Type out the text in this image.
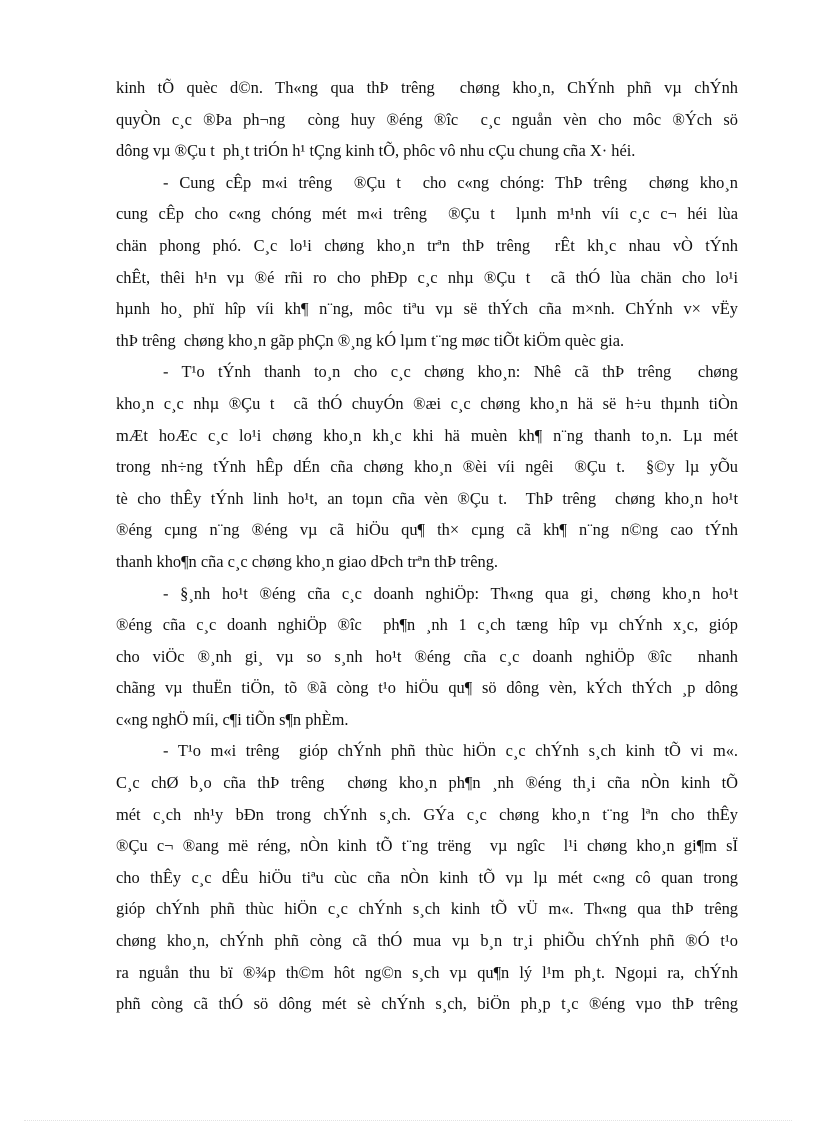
kinh tÕ quèc d©n. Th«ng qua thÞ trêng  chøng kho¸n, ChÝnh phñ vµ chÝnh
quyÒn c¸c ®Þa ph¬ng  còng huy ®éng ®îc  c¸c nguån vèn cho môc ®Ých sö
dông vµ ®Çu t  ph¸t triÓn h¹ tÇng kinh tÕ, phôc vô nhu cÇu chung cña X· héi.
- Cung cÊp m«i trêng  ®Çu t  cho c«ng chóng: ThÞ trêng  chøng kho¸n
cung cÊp cho c«ng chóng mét m«i trêng  ®Çu t  lµnh m¹nh víi c¸c c¬ héi lùa
chän phong phó. C¸c lo¹i chøng kho¸n trªn thÞ trêng  rÊt kh¸c nhau vÒ tÝnh
chÊt, thêi h¹n vµ ®é rñi ro cho phÐp c¸c nhµ ®Çu t  cã thÓ lùa chän cho lo¹i
hµnh ho¸ phï hîp víi kh¶ n¨ng, môc tiªu vµ së thÝch cña m×nh. ChÝnh v× vËy
thÞ trêng  chøng kho¸n gãp phÇn ®¸ng kÓ lµm t¨ng møc tiÕt kiÖm quèc gia.
- T¹o tÝnh thanh to¸n cho c¸c chøng kho¸n: Nhê cã thÞ trêng  chøng
kho¸n c¸c nhµ ®Çu t  cã thÓ chuyÓn ®æi c¸c chøng kho¸n hä së h÷u thµnh tiÒn
mÆt hoÆc c¸c lo¹i chøng kho¸n kh¸c khi hä muèn kh¶ n¨ng thanh to¸n. Lµ mét
trong nh÷ng tÝnh hÊp dÉn cña chøng kho¸n ®èi víi ngêi  ®Çu t.  §©y lµ yÕu
tè cho thÊy tÝnh linh ho¹t, an toµn cña vèn ®Çu t.  ThÞ trêng  chøng kho¸n ho¹t
®éng cµng n¨ng ®éng vµ cã hiÖu qu¶ th× cµng cã kh¶ n¨ng n©ng cao tÝnh
thanh kho¶n cña c¸c chøng kho¸n giao dÞch trªn thÞ trêng.
- §¸nh ho¹t ®éng cña c¸c doanh nghiÖp: Th«ng qua gi¸ chøng kho¸n ho¹t
®éng cña c¸c doanh nghiÖp ®îc  ph¶n ¸nh 1 c¸ch tæng hîp vµ chÝnh x¸c, gióp
cho viÖc ®¸nh gi¸ vµ so s¸nh ho¹t ®éng cña c¸c doanh nghiÖp ®îc  nhanh
chãng vµ thuËn tiÖn, tõ ®ã còng t¹o hiÖu qu¶ sö dông vèn, kÝch thÝch ¸p dông
c«ng nghÖ míi, c¶i tiÕn s¶n phÈm.
- T¹o m«i trêng  gióp chÝnh phñ thùc hiÖn c¸c chÝnh s¸ch kinh tÕ vi m«.
C¸c chØ b¸o cña thÞ trêng  chøng kho¸n ph¶n ¸nh ®éng th¸i cña nÒn kinh tÕ
mét c¸ch nh¹y bÐn trong chÝnh s¸ch. GÝa c¸c chøng kho¸n t¨ng lªn cho thÊy
®Çu c¬ ®ang më réng, nÒn kinh tÕ t¨ng trëng  vµ ngîc  l¹i chøng kho¸n gi¶m sÏ
cho thÊy c¸c dÊu hiÖu tiªu cùc cña nÒn kinh tÕ vµ lµ mét c«ng cô quan trong
gióp chÝnh phñ thùc hiÖn c¸c chÝnh s¸ch kinh tÕ vÜ m«. Th«ng qua thÞ trêng
chøng kho¸n, chÝnh phñ còng cã thÓ mua vµ b¸n tr¸i phiÕu chÝnh phñ ®Ó t¹o
ra nguån thu bï ®¾p th©m hôt ng©n s¸ch vµ qu¶n lý l¹m ph¸t. Ngoµi ra, chÝnh
phñ còng cã thÓ sö dông mét sè chÝnh s¸ch, biÖn ph¸p t¸c ®éng vµo thÞ trêng
